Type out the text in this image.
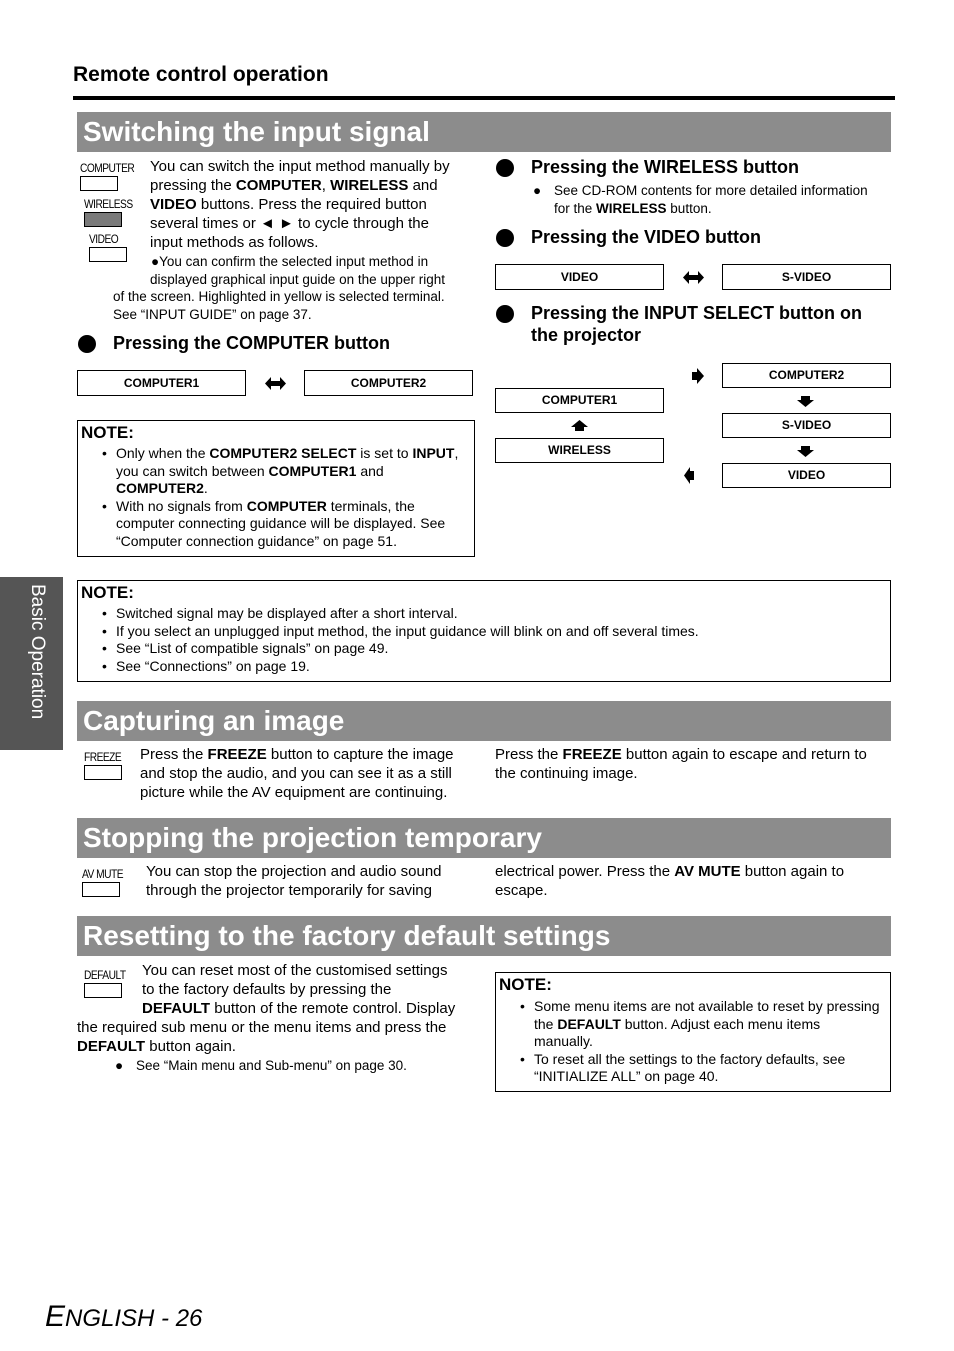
Remote control operation
Basic Operation
Switching the input signal
COMPUTER
WIRELESS
VIDEO
You can switch the input method manually by
pressing the COMPUTER, WIRELESS and
VIDEO buttons. Press the required button
several times or ◄ ► to cycle through the
input methods as follows.
●You can confirm the selected input method in
displayed graphical input guide on the upper right
of the screen. Highlighted in yellow is selected terminal.
See “INPUT GUIDE” on page 37.
Pressing the COMPUTER button
COMPUTER1	COMPUTER2
NOTE:
• Only when the COMPUTER2 SELECT is set to INPUT,
you can switch between COMPUTER1 and
COMPUTER2.
• With no signals from COMPUTER terminals, the
computer connecting guidance will be displayed. See
“Computer connection guidance” on page 51.
Pressing the WIRELESS button
● See CD-ROM contents for more detailed information
for the WIRELESS button.
Pressing the VIDEO button
VIDEO	S-VIDEO
Pressing the INPUT SELECT button on
the projector
COMPUTER1
WIRELESS
COMPUTER2
S-VIDEO
VIDEO
NOTE:
• Switched signal may be displayed after a short interval.
• If you select an unplugged input method, the input guidance will blink on and off several times.
• See “List of compatible signals” on page 49.
• See “Connections” on page 19.
Capturing an image
FREEZE Press the FREEZE button to capture the image
and stop the audio, and you can see it as a still
picture while the AV equipment are continuing.
Press the FREEZE button again to escape and return to
the continuing image.
Stopping the projection temporary
AV MUTE You can stop the projection and audio sound
through the projector temporarily for saving
electrical power. Press the AV MUTE button again to
escape.
Resetting to the factory default settings
DEFAULT	You can reset most of the customised settings
to the factory defaults by pressing the
DEFAULT button of the remote control. Display
the required sub menu or the menu items and press the
DEFAULT button again.
● See “Main menu and Sub-menu” on page 30.
NOTE:
• Some menu items are not available to reset by pressing
the DEFAULT button. Adjust each menu items
manually.
• To reset all the settings to the factory defaults, see
“INITIALIZE ALL” on page 40.
ENGLISH - 26
